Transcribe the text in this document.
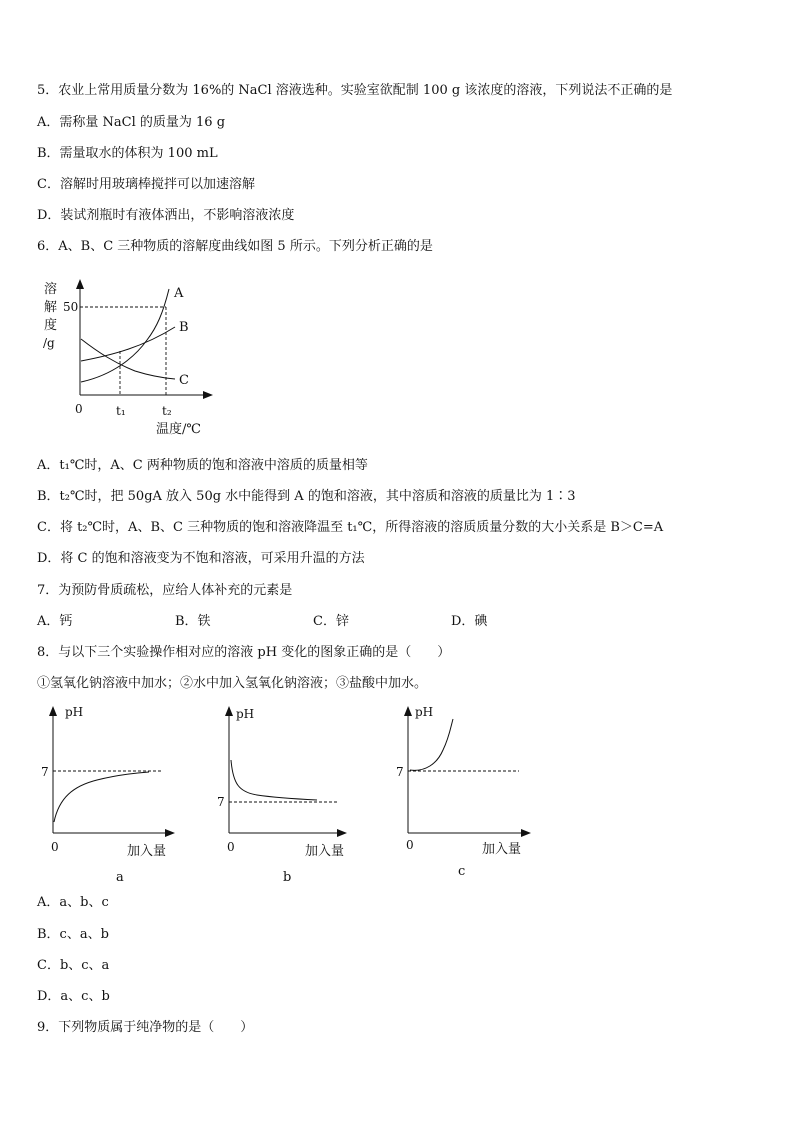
5．农业上常用质量分数为 16%的 NaCl 溶液选种。实验室欲配制 100 g 该浓度的溶液，下列说法不正确的是
A．需称量 NaCl 的质量为 16 g
B．需量取水的体积为 100 mL
C．溶解时用玻璃棒搅拌可以加速溶解
D．装试剂瓶时有液体洒出，不影响溶液浓度
6．A、B、C 三种物质的溶解度曲线如图 5 所示。下列分析正确的是
溶
解
度
/g
50
A
B
C
0	t₁	t₂
温度/℃
A．t₁℃时，A、C 两种物质的饱和溶液中溶质的质量相等
B．t₂℃时，把 50gA 放入 50g 水中能得到 A 的饱和溶液，其中溶质和溶液的质量比为 1∶3
C．将 t₂℃时，A、B、C 三种物质的饱和溶液降温至 t₁℃，所得溶液的溶质质量分数的大小关系是 B＞C=A
D．将 C 的饱和溶液变为不饱和溶液，可采用升温的方法
7．为预防骨质疏松，应给人体补充的元素是
A．钙	B．铁	C．锌	D．碘
8．与以下三个实验操作相对应的溶液 pH 变化的图象正确的是（　　）
①氢氧化钠溶液中加水；②水中加入氢氧化钠溶液；③盐酸中加水。
pH
7
0	加入量
a
pH
7
0	加入量
b
pH
7
0	加入量
c
A．a、b、c
B．c、a、b
C．b、c、a
D．a、c、b
9．下列物质属于纯净物的是（　　）
